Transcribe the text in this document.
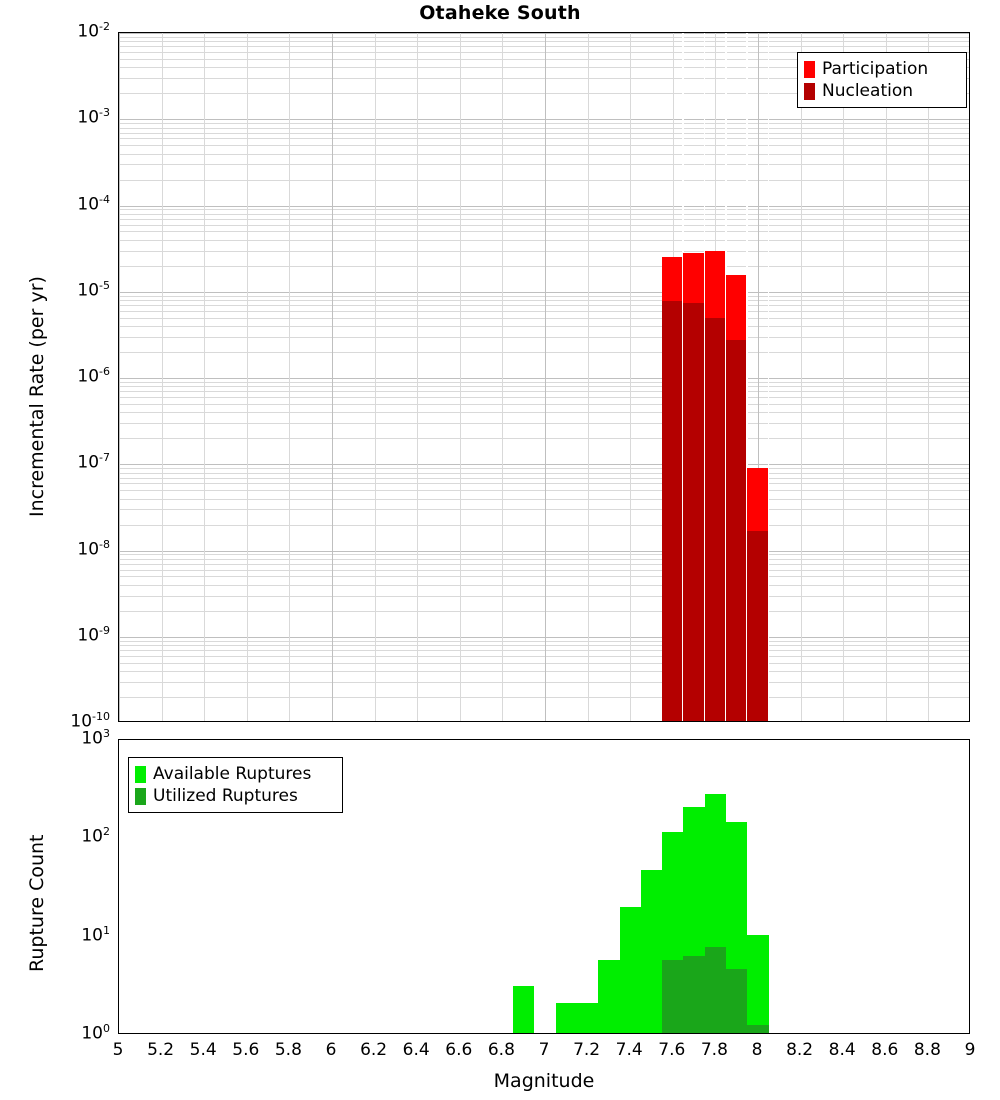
Otaheke South
$10^{-2}$
$10^{-3}$
$10^{-4}$
$10^{-5}$
$10^{-6}$
$10^{-7}$
$10^{-8}$
$10^{-9}$
$10^{-10}$
Incremental Rate (per yr)
Participation
Nucleation
$10^3$
$10^2$
$10^1$
$10^0$
Rupture Count
Available Ruptures
Utilized Ruptures
5	5.2 5.4 5.6 5.8	6	6.2 6.4 6.6 6.8	7	7.2 7.4 7.6 7.8	8	8.2 8.4 8.6 8.8	9
Magnitude
